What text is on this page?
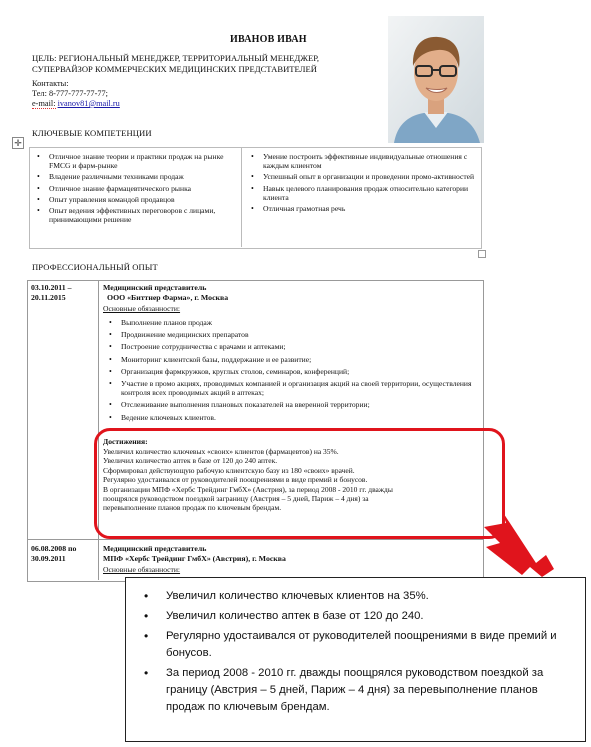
ИВАНОВ ИВАН
ЦЕЛЬ: РЕГИОНАЛЬНЫЙ МЕНЕДЖЕР, ТЕРРИТОРИАЛЬНЫЙ МЕНЕДЖЕР,
СУПЕРВАЙЗОР КОММЕРЧЕСКИХ МЕДИЦИНСКИХ ПРЕДСТАВИТЕЛЕЙ
Контакты:
Тел: 8-777-777-77-77;
e-mail: ivanov81@mail.ru
✛
КЛЮЧЕВЫЕ КОМПЕТЕНЦИИ
• Отличное знание теории и практики продаж на рынке FMCG и фарм-рынке
• Владение различными техниками продаж
• Отличное знание фармацевтического рынка
• Опыт управления командой продавцов
• Опыт ведения эффективных переговоров с лицами, принимающими решение
• Умение построить эффективные индивидуальные отношения с каждым клиентом
• Успешный опыт в организации и проведении промо-активностей
• Навык целевого планирования продаж относительно категории клиента
• Отличная грамотная речь
ПРОФЕССИОНАЛЬНЫЙ ОПЫТ
03.10.2011 –
20.11.2015
Медицинский представитель
ООО «Биттнер Фарма», г. Москва
Основные обязанности:
• Выполнение планов продаж
• Продвижение медицинских препаратов
• Построение сотрудничества с врачами и аптеками;
• Мониторинг клиентской базы, поддержание и ее развитие;
• Организация фармкружков, круглых столов, семинаров, конференций;
• Участие в промо акциях, проводимых компанией и организация акций на своей территории, осуществления контроля всех проводимых акций в аптеках;
• Отслеживание выполнения плановых показателей на вверенной территории;
• Ведение ключевых клиентов.
Достижения:
Увеличил количество ключевых «своих» клиентов (фармацевтов) на 35%.
Увеличил количество аптек в базе от 120 до 240 аптек.
Сформировал действующую рабочую клиентскую базу из 180 «своих» врачей.
Регулярно удостаивался от руководителей поощрениями в виде премий и бонусов.
В организации МПФ «Хербс Трейдинг ГмбХ» (Австрия), за период 2008 - 2010 гг. дважды
поощрялся руководством поездкой заграницу (Австрия – 5 дней, Париж – 4 дня) за
перевыполнение планов продаж по ключевым брендам.
06.08.2008 по
30.09.2011
Медицинский представитель
МПФ «Хербс Трейдинг ГмбХ» (Австрия), г. Москва
Основные обязанности:
• Увеличил количество ключевых клиентов на 35%.
• Увеличил количество аптек в базе от 120 до 240.
• Регулярно удостаивался от руководителей поощрениями в виде премий и бонусов.
• За период 2008 - 2010 гг. дважды поощрялся руководством поездкой за границу (Австрия – 5 дней, Париж – 4 дня) за перевыполнение планов продаж по ключевым брендам.
